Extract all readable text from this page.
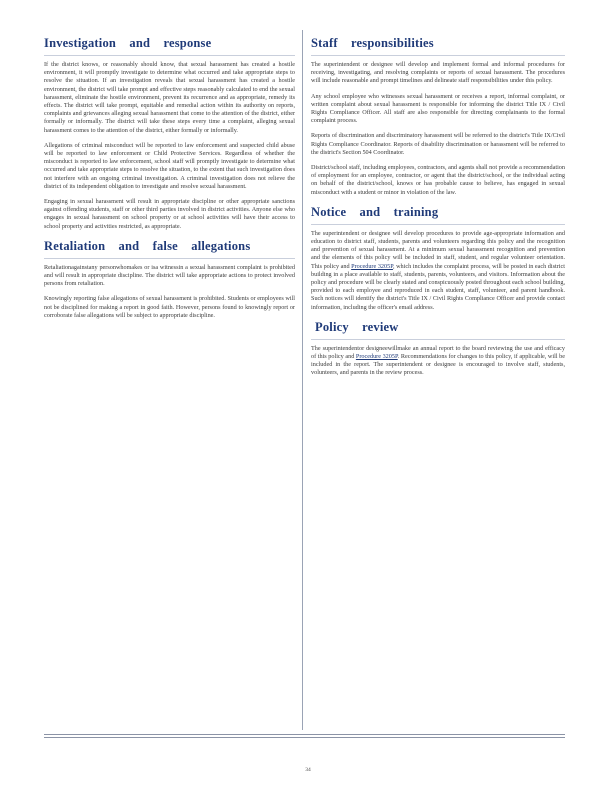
Investigation and response

If the district knows, or reasonably should know, that sexual harassment has created a hostile environment, it will promptly investigate to determine what occurred and take appropriate steps to resolve the situation. If an investigation reveals that sexual harassment has created a hostile environment, the district will take prompt and effective steps reasonably calculated to end the sexual harassment, eliminate the hostile environment, prevent its recurrence and as appropriate, remedy its effects. The district will take prompt, equitable and remedial action within its authority on reports, complaints and grievances alleging sexual harassment that come to the attention of the district, either formally or informally. The district will take these steps every time a complaint, alleging sexual harassment comes to the attention of the district, either formally or informally.

Allegations of criminal misconduct will be reported to law enforcement and suspected child abuse will be reported to law enforcement or Child Protective Services. Regardless of whether the misconduct is reported to law enforcement, school staff will promptly investigate to determine what occurred and take appropriate steps to resolve the situation, to the extent that such investigation does not interfere with an ongoing criminal investigation. A criminal investigation does not relieve the district of its independent obligation to investigate and resolve sexual harassment.

Engaging in sexual harassment will result in appropriate discipline or other appropriate sanctions against offending students, staff or other third parties involved in district activities. Anyone else who engages in sexual harassment on school property or at school activities will have their access to school property and activities restricted, as appropriate.

Retaliation and false allegations

Retaliationagainstany personwhomakes or isa witnessin a sexual harassment complaint is prohibited and will result in appropriate discipline. The district will take appropriate actions to protect involved persons from retaliation.

Knowingly reporting false allegations of sexual harassment is prohibited. Students or employees will not be disciplined for making a report in good faith. However, persons found to knowingly report or corroborate false allegations will be subject to appropriate discipline.

Staff responsibilities

The superintendent or designee will develop and implement formal and informal procedures for receiving, investigating, and resolving complaints or reports of sexual harassment. The procedures will include reasonable and prompt timelines and delineate staff responsibilities under this policy.

Any school employee who witnesses sexual harassment or receives a report, informal complaint, or written complaint about sexual harassment is responsible for informing the district Title IX / Civil Rights Compliance Officer. All staff are also responsible for directing complainants to the formal complaint process.

Reports of discrimination and discriminatory harassment will be referred to the district's Title IX/Civil Rights Compliance Coordinator. Reports of disability discrimination or harassment will be referred to the district's Section 504 Coordinator.

District/school staff, including employees, contractors, and agents shall not provide a recommendation of employment for an employee, contractor, or agent that the district/school, or the individual acting on behalf of the district/school, knows or has probable cause to believe, has engaged in sexual misconduct with a student or minor in violation of the law.

Notice and training

The superintendent or designee will develop procedures to provide age-appropriate information and education to district staff, students, parents and volunteers regarding this policy and the recognition and prevention of sexual harassment. At a minimum sexual harassment recognition and prevention and the elements of this policy will be included in staff, student, and regular volunteer orientation. This policy and Procedure 3205P, which includes the complaint process, will be posted in each district building in a place available to staff, students, parents, volunteers, and visitors. Information about the policy and procedure will be clearly stated and conspicuously posted throughout each school building, provided to each employee and reproduced in each student, staff, volunteer, and parent handbook. Such notices will identify the district's Title IX / Civil Rights Compliance Officer and provide contact information, including the officer's email address.

Policy review

The superintendentor designeewillmake an annual report to the board reviewing the use and efficacy of this policy and Procedure 3205P. Recommendations for changes to this policy, if applicable, will be included in the report. The superintendent or designee is encouraged to involve staff, students, volunteers, and parents in the review process.

34
